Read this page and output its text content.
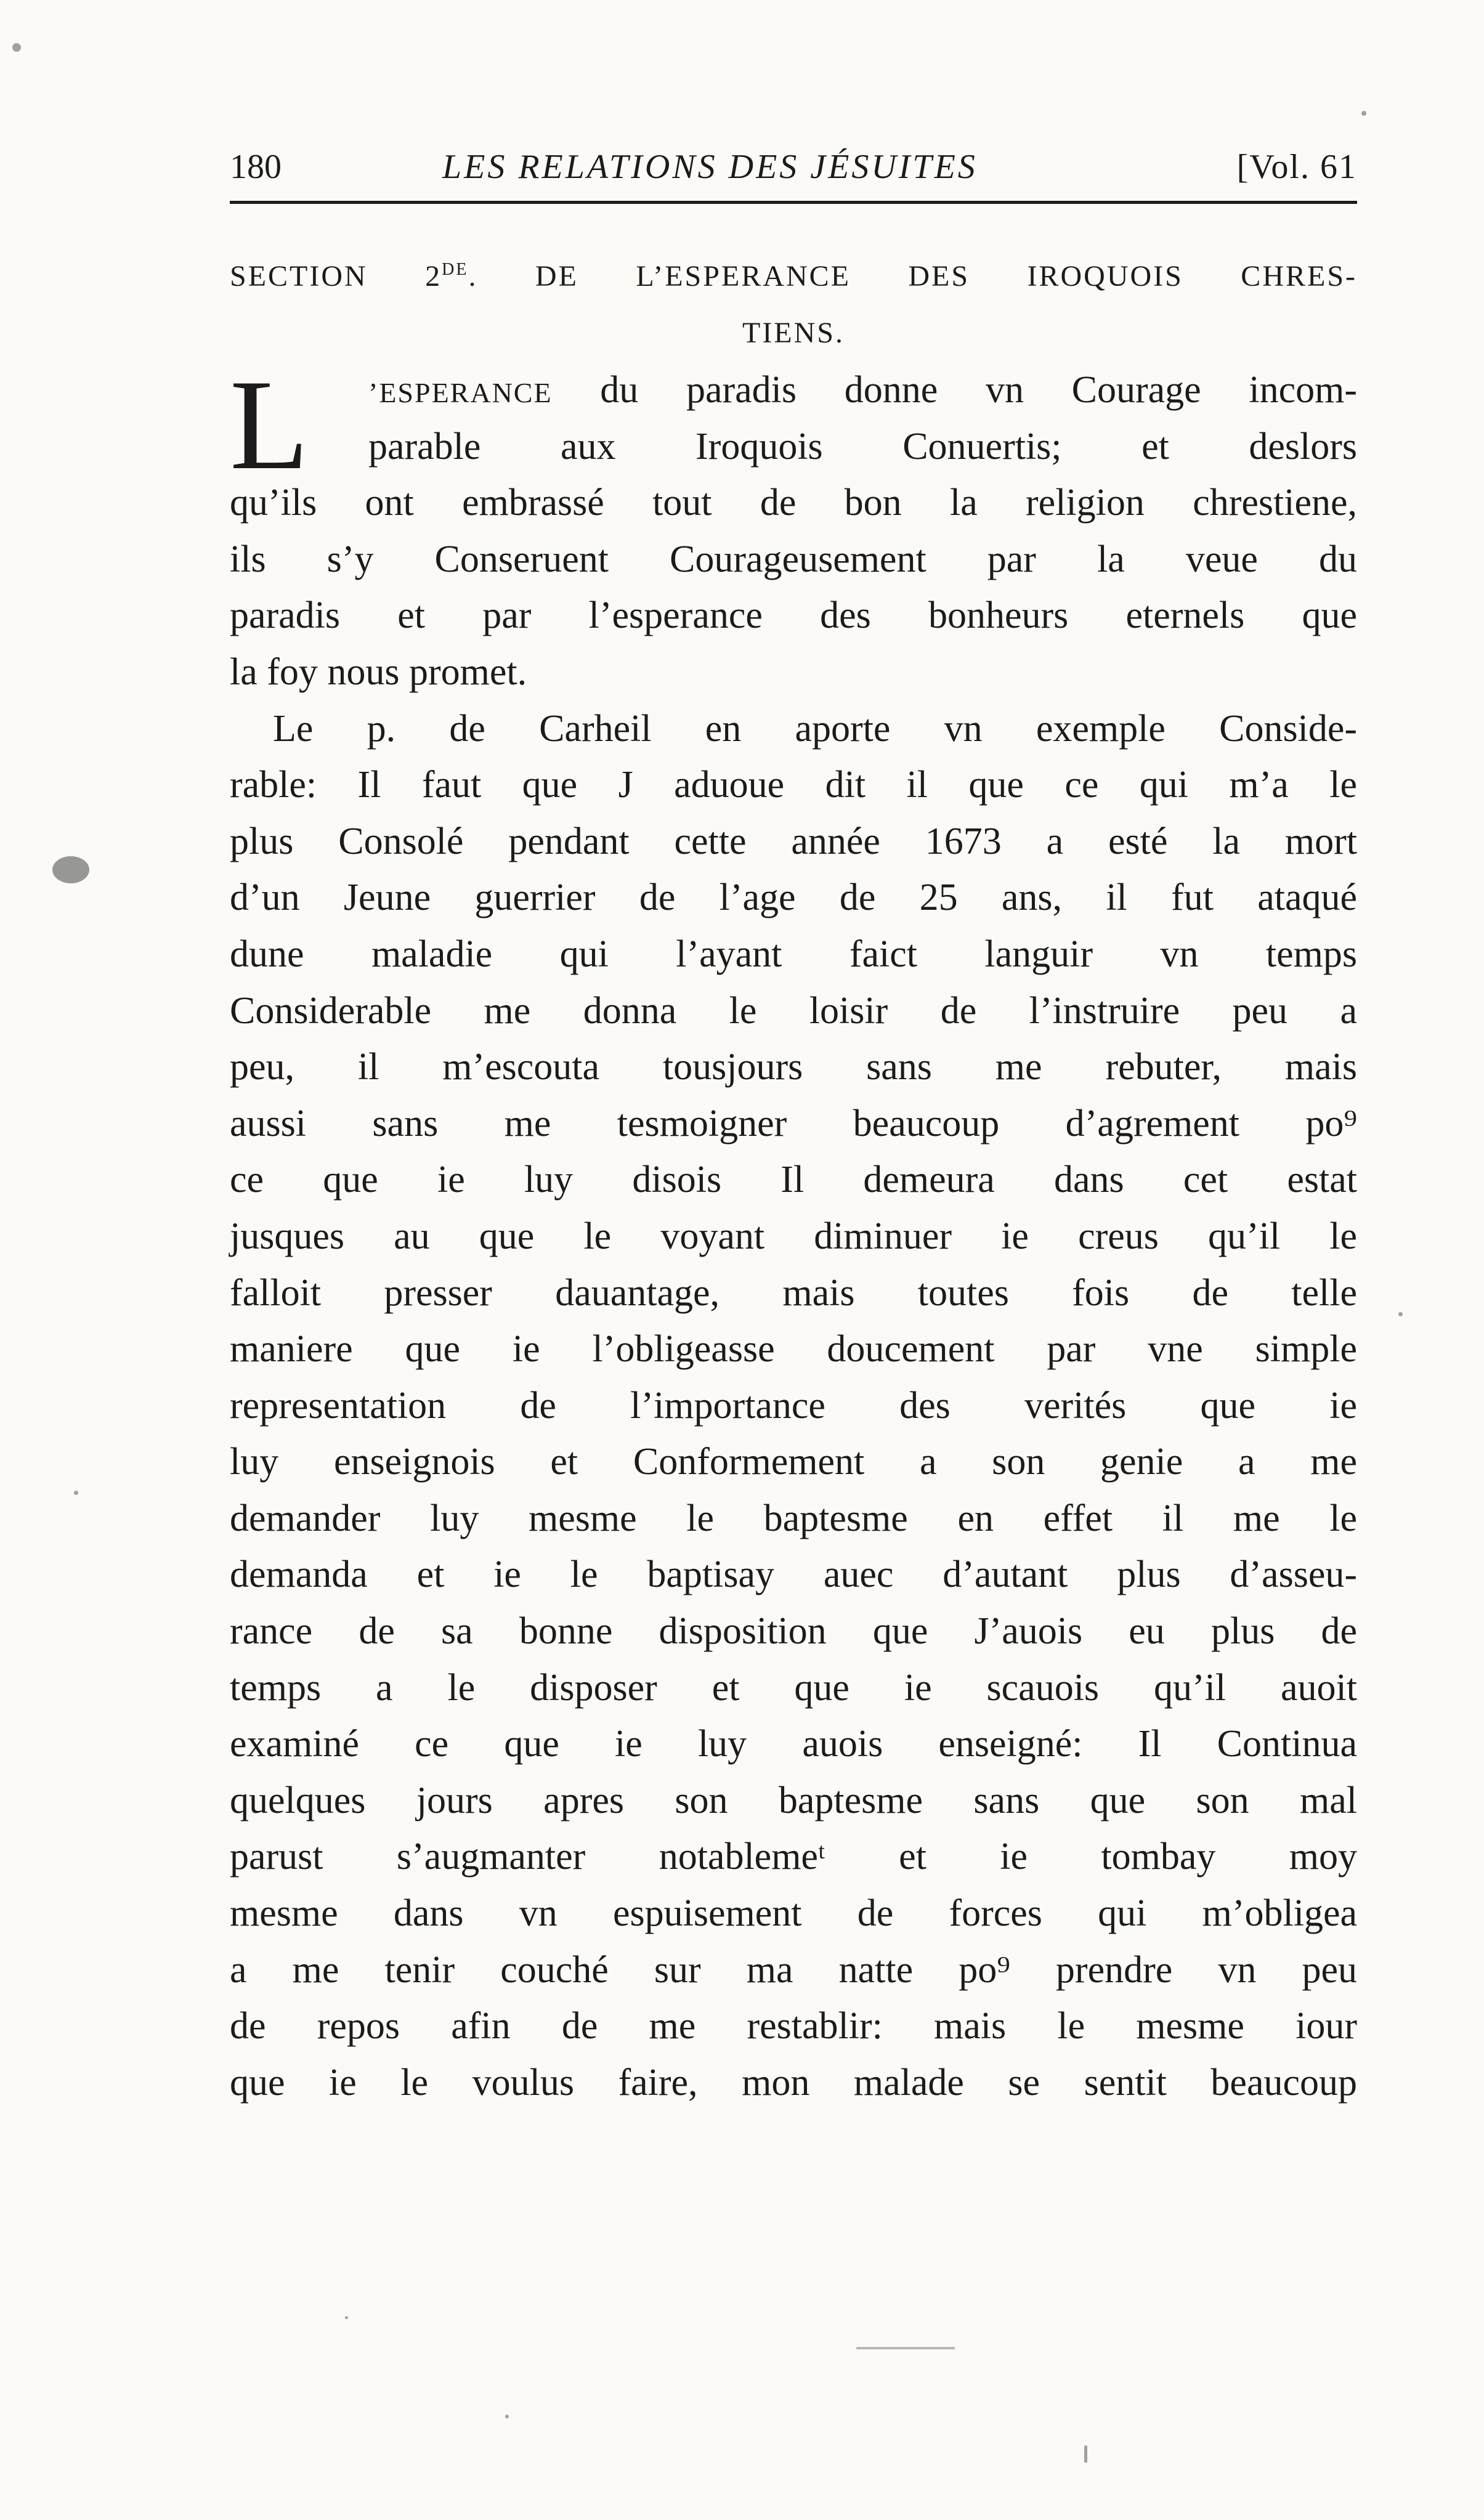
180	LES RELATIONS DES JÉSUITES	[Vol. 61
SECTION 2DE. DE L’ESPERANCE DES IROQUOIS CHRES-
TIENS.
L	’ESPERANCE du paradis donne vn Courage incom-
parable aux Iroquois Conuertis; et deslors
qu’ils ont embrassé tout de bon la religion chrestiene,
ils s’y Conseruent Courageusement par la veue du
paradis et par l’esperance des bonheurs eternels que
la foy nous promet.
Le p. de Carheil en aporte vn exemple Conside-
rable: Il faut que J aduoue dit il que ce qui m’a le
plus Consolé pendant cette année 1673 a esté la mort
d’un Jeune guerrier de l’age de 25 ans, il fut ataqué
dune maladie qui l’ayant faict languir vn temps
Considerable me donna le loisir de l’instruire peu a
peu, il m’escouta tousjours sans me rebuter, mais
aussi sans me tesmoigner beaucoup d’agrement po⁹
ce que ie luy disois Il demeura dans cet estat
jusques au que le voyant diminuer ie creus qu’il le
falloit presser dauantage, mais toutes fois de telle
maniere que ie l’obligeasse doucement par vne simple
representation de l’importance des verités que ie
luy enseignois et Conformement a son genie a me
demander luy mesme le baptesme en effet il me le
demanda et ie le baptisay auec d’autant plus d’asseu-
rance de sa bonne disposition que J’auois eu plus de
temps a le disposer et que ie scauois qu’il auoit
examiné ce que ie luy auois enseigné: Il Continua
quelques jours apres son baptesme sans que son mal
parust s’augmanter notablemeᵗ et ie tombay moy
mesme dans vn espuisement de forces qui m’obligea
a me tenir couché sur ma natte po⁹ prendre vn peu
de repos afin de me restablir: mais le mesme iour
que ie le voulus faire, mon malade se sentit beaucoup
